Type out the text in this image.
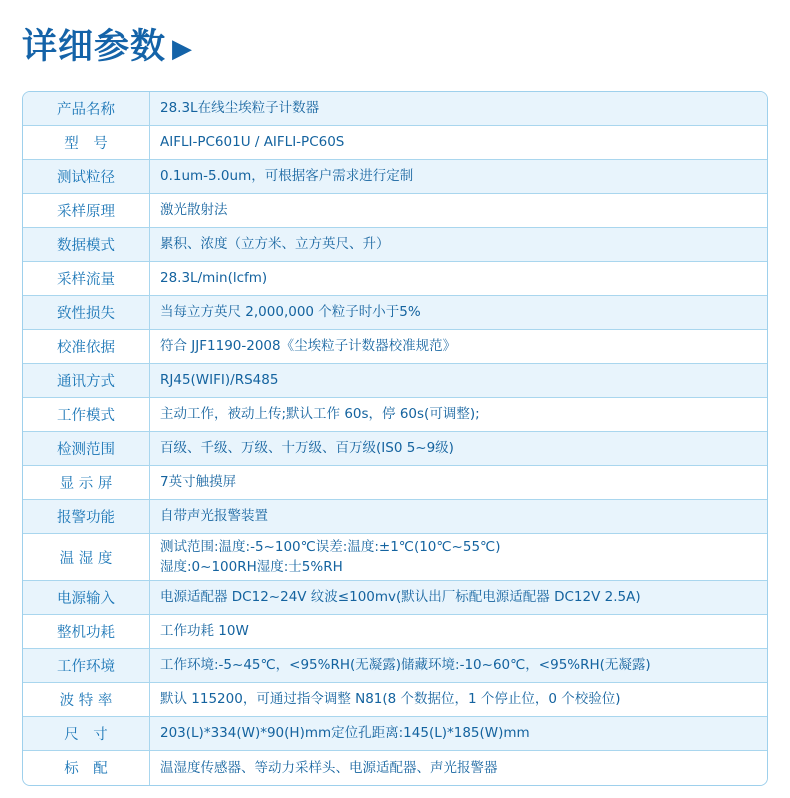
详细参数 ▶
产品名称	28.3L在线尘埃粒子计数器

型　号	AIFLI-PC601U / AIFLI-PC60S

测试粒径	0.1um-5.0um，可根据客户需求进行定制

采样原理	激光散射法

数据模式	累积、浓度（立方米、立方英尺、升）

采样流量	28.3L/min(lcfm)

致性损失	当每立方英尺 2,000,000 个粒子时小于5%

校准依据	符合 JJF1190-2008《尘埃粒子计数器校准规范》

通讯方式	RJ45(WIFI)/RS485

工作模式	主动工作，被动上传;默认工作 60s，停 60s(可调整);

检测范围	百级、千级、万级、十万级、百万级(IS0 5~9级)

显 示 屏	7英寸触摸屏

报警功能	自带声光报警装置

温 湿 度	测试范围:温度:-5~100℃误差:温度:±1℃(10℃~55℃)
湿度:0~100RH湿度:士5%RH

电源输入	电源适配器 DC12~24V 纹波≤100mv(默认出厂标配电源适配器 DC12V 2.5A)

整机功耗	工作功耗 10W

工作环境	工作环境:-5~45℃，<95%RH(无凝露)储藏环境:-10~60℃，<95%RH(无凝露)

波 特 率	默认 115200，可通过指令调整 N81(8 个数据位，1 个停止位，0 个校验位)

尺　寸	203(L)*334(W)*90(H)mm定位孔距离:145(L)*185(W)mm

标　配	温湿度传感器、等动力采样头、电源适配器、声光报警器
